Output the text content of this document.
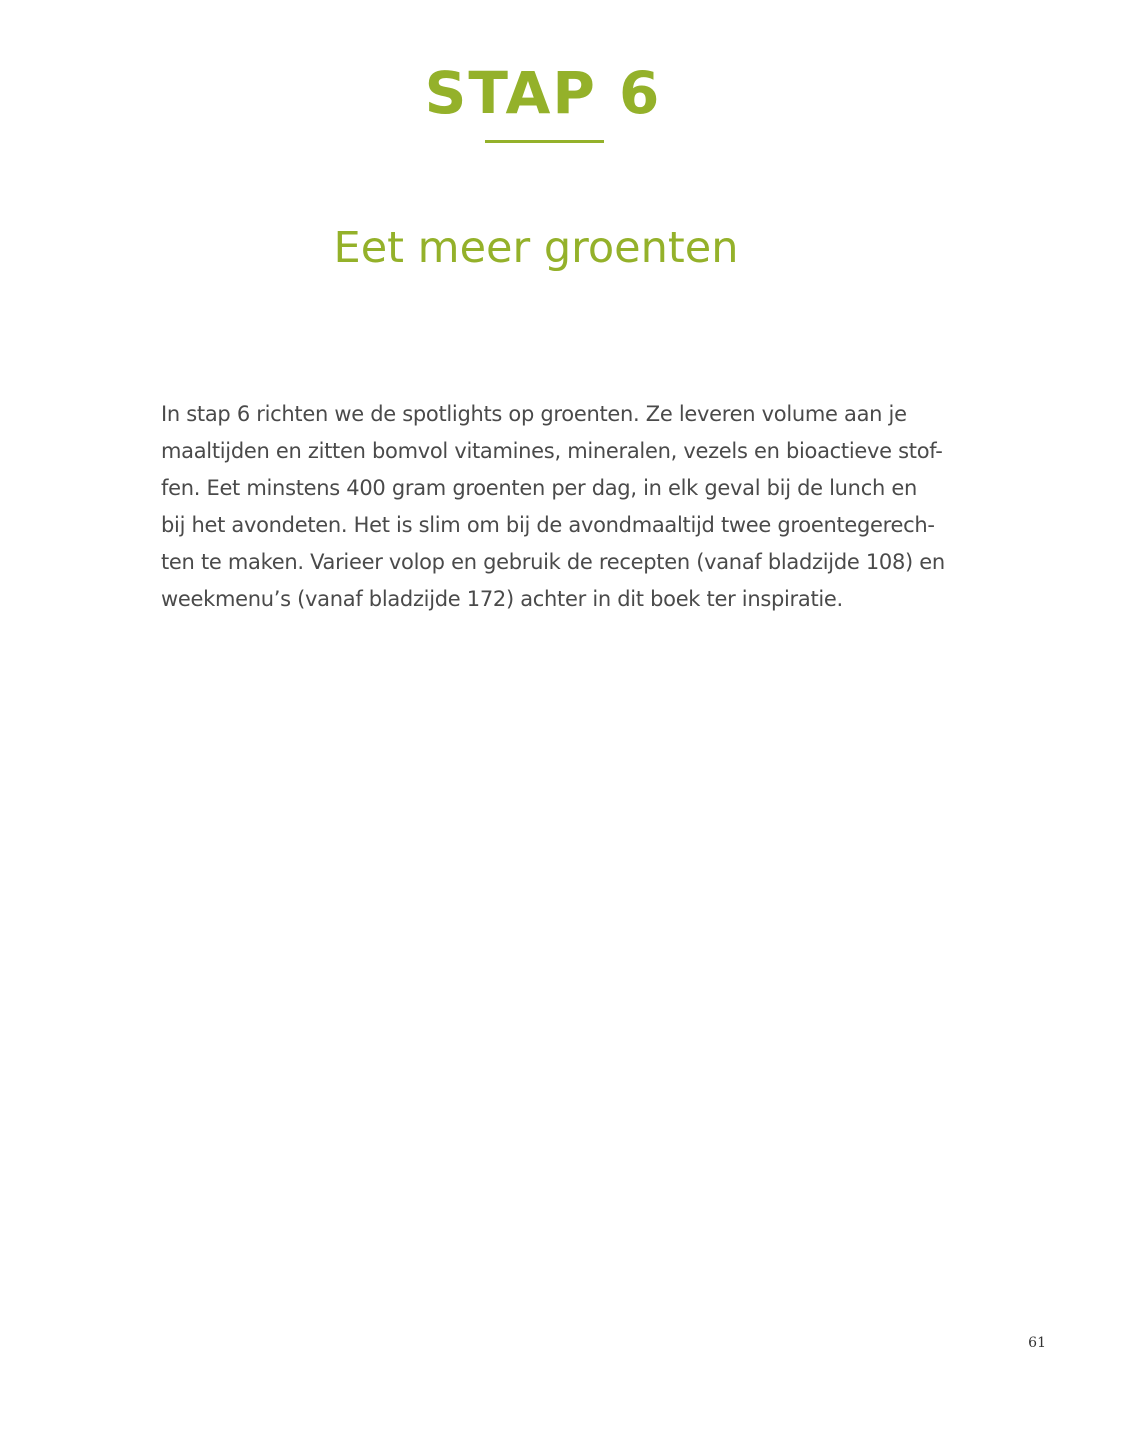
STAP 6
Eet meer groenten

In stap 6 richten we de spotlights op groenten. Ze leveren volume aan je
maaltijden en zitten bomvol vitamines, mineralen, vezels en bioactieve stof-
fen. Eet minstens 400 gram groenten per dag, in elk geval bij de lunch en
bij het avondeten. Het is slim om bij de avondmaaltijd twee groentegerech-
ten te maken. Varieer volop en gebruik de recepten (vanaf bladzijde 108) en
weekmenu’s (vanaf bladzijde 172) achter in dit boek ter inspiratie.

61
